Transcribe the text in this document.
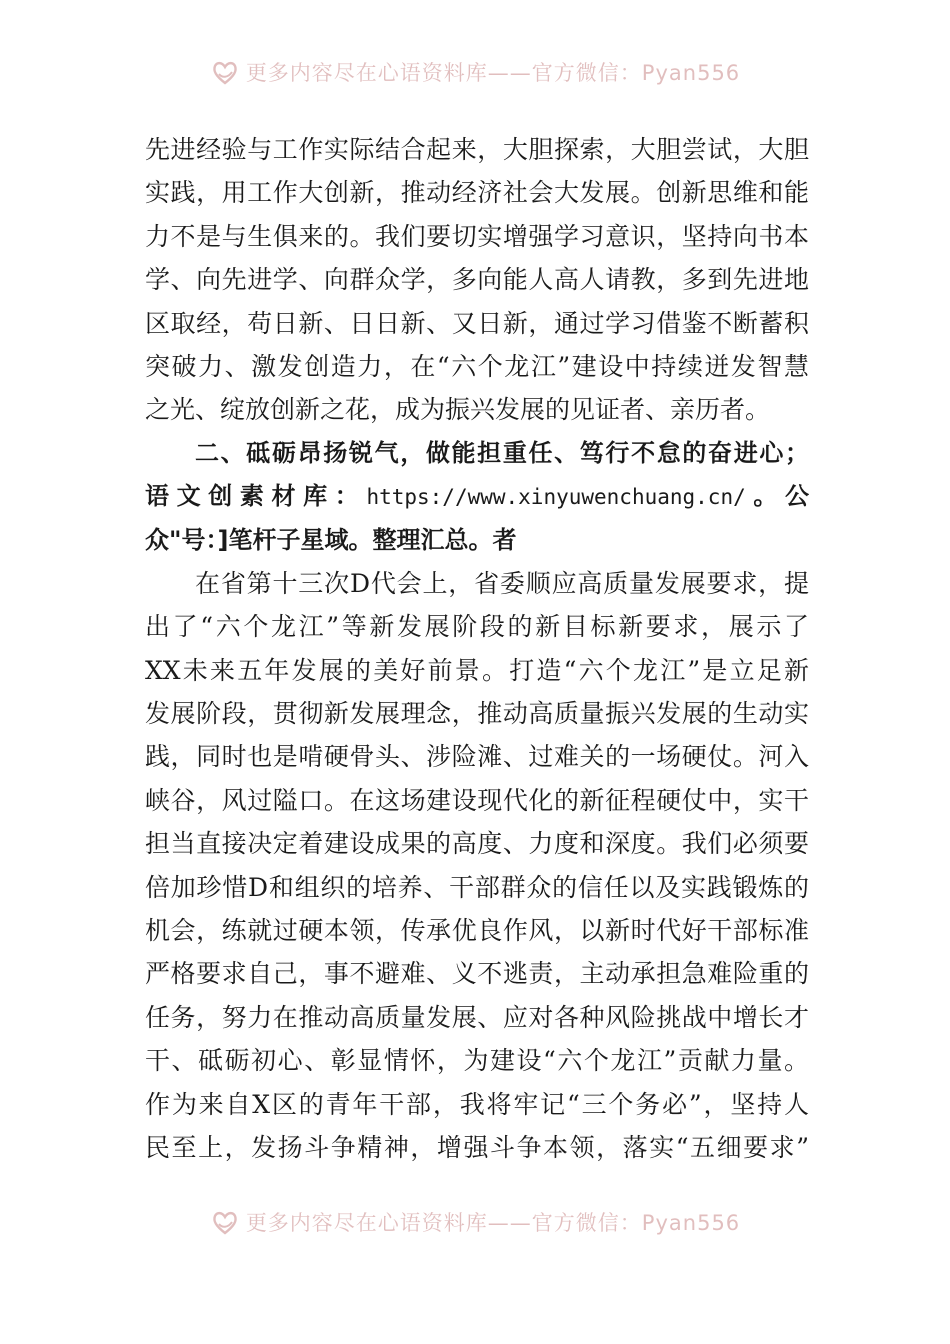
更多内容尽在心语资料库——官方微信：Pyan556
先进经验与工作实际结合起来，大胆探索，大胆尝试，大胆
实践，用工作大创新，推动经济社会大发展。创新思维和能
力不是与生俱来的。我们要切实增强学习意识，坚持向书本
学、向先进学、向群众学，多向能人高人请教，多到先进地
区取经，苟日新、日日新、又日新，通过学习借鉴不断蓄积
突破力、激发创造力，在“六个龙江”建设中持续迸发智慧
之光、绽放创新之花，成为振兴发展的见证者、亲历者。
二、砥砺昂扬锐气，做能担重任、笃行不怠的奋进心；
语文创素材库：https://www.xinyuwenchuang.cn/。公
众"号：]笔杆子星域。整理汇总。者
在省第十三次D代会上，省委顺应高质量发展要求，提
出了“六个龙江”等新发展阶段的新目标新要求，展示了
XX未来五年发展的美好前景。打造“六个龙江”是立足新
发展阶段，贯彻新发展理念，推动高质量振兴发展的生动实
践，同时也是啃硬骨头、涉险滩、过难关的一场硬仗。河入
峡谷，风过隘口。在这场建设现代化的新征程硬仗中，实干
担当直接决定着建设成果的高度、力度和深度。我们必须要
倍加珍惜D和组织的培养、干部群众的信任以及实践锻炼的
机会，练就过硬本领，传承优良作风，以新时代好干部标准
严格要求自己，事不避难、义不逃责，主动承担急难险重的
任务，努力在推动高质量发展、应对各种风险挑战中增长才
干、砥砺初心、彰显情怀，为建设“六个龙江”贡献力量。
作为来自X区的青年干部，我将牢记“三个务必”，坚持人
民至上，发扬斗争精神，增强斗争本领，落实“五细要求”
更多内容尽在心语资料库——官方微信：Pyan556
